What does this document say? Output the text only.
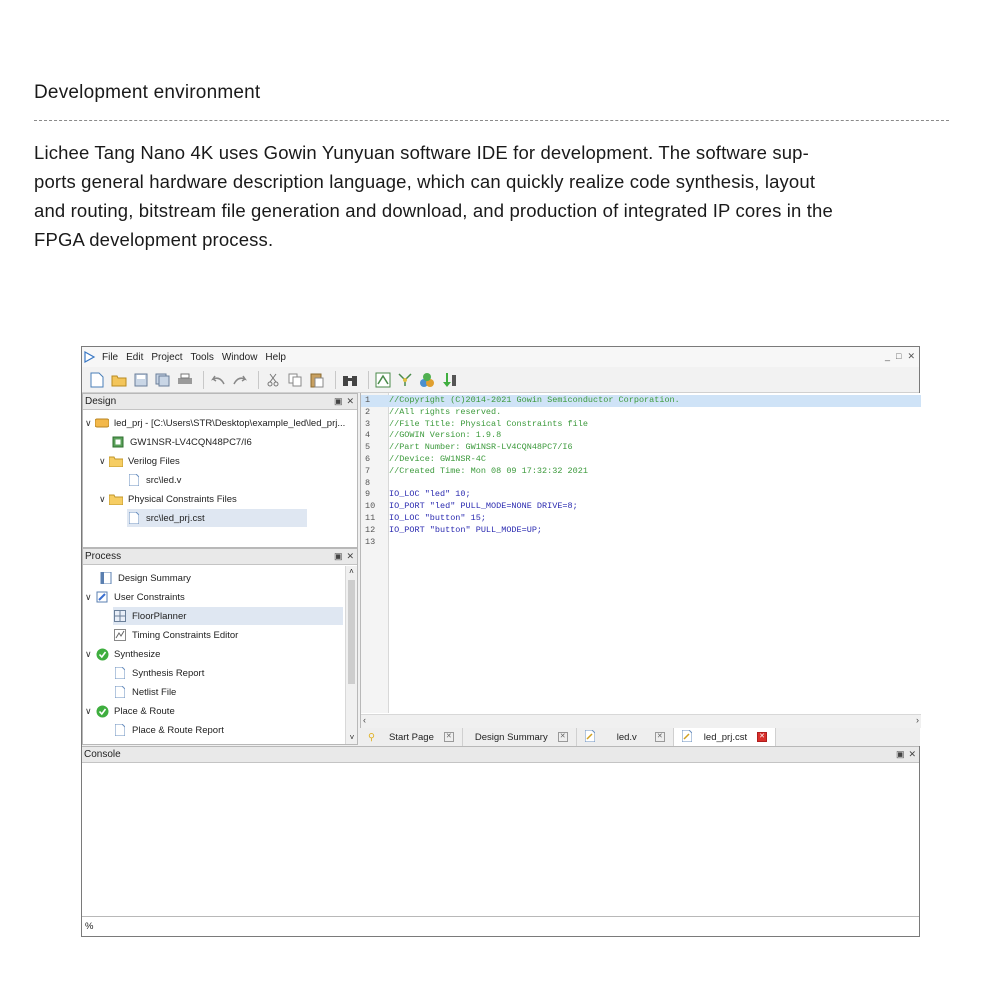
Development environment
Lichee Tang Nano 4K uses Gowin Yunyuan software IDE for development. The software sup-
ports general hardware description language, which can quickly realize code synthesis, layout
and routing, bitstream file generation and download, and production of integrated IP cores in the
FPGA development process.
File Edit Project Tools Window Help	_ □ ✕
Design	▣ ✕
∨	led_prj - [C:\Users\STR\Desktop\example_led\led_prj...
GW1NSR-LV4CQN48PC7/I6
∨	Verilog Files
src\led.v
∨	Physical Constraints Files
src\led_prj.cst
Process	▣ ✕
Design Summary
∨	User Constraints
FloorPlanner
Timing Constraints Editor
∨	Synthesize
Synthesis Report
Netlist File
∨	Place & Route
Place & Route Report
˄
˅
1 //Copyright (C)2014-2021 Gowin Semiconductor Corporation.
2 //All rights reserved.
3 //File Title: Physical Constraints file
4 //GOWIN Version: 1.9.8
5 //Part Number: GW1NSR-LV4CQN48PC7/I6
6 //Device: GW1NSR-4C
7 //Created Time: Mon 08 09 17:32:32 2021
8
9 IO_LOC "led" 10;
10 IO_PORT "led" PULL_MODE=NONE DRIVE=8;
11 IO_LOC "button" 15;
12 IO_PORT "button" PULL_MODE=UP;
13
‹	›
⚲ Start Page ✕ Design Summary ✕	led.v	✕	led_prj.cst ✕
Console	▣ ✕
%
